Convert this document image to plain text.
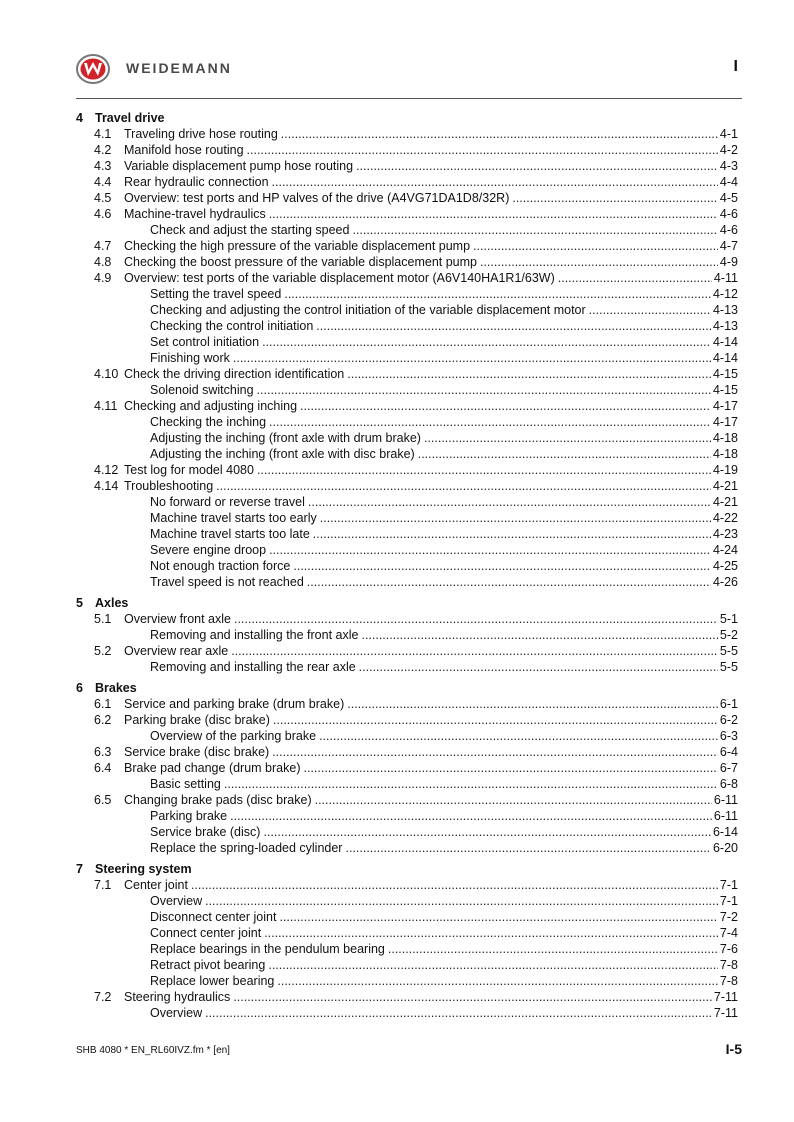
WEIDEMANN	I
4 Travel drive
4.1	Traveling drive hose routing .....	4-1
4.2	Manifold hose routing .....	4-2
4.3	Variable displacement pump hose routing .....	4-3
4.4	Rear hydraulic connection .....	4-4
4.5	Overview: test ports and HP valves of the drive (A4VG71DA1D8/32R) .....	4-5
4.6	Machine-travel hydraulics .....	4-6
Check and adjust the starting speed .....	4-6
4.7	Checking the high pressure of the variable displacement pump .....	4-7
4.8	Checking the boost pressure of the variable displacement pump .....	4-9
4.9	Overview: test ports of the variable displacement motor (A6V140HA1R1/63W) .....	4-11
Setting the travel speed .....	4-12
Checking and adjusting the control initiation of the variable displacement motor .....	4-13
Checking the control initiation .....	4-13
Set control initiation .....	4-14
Finishing work .....	4-14
4.10 Check the driving direction identification .....	4-15
Solenoid switching .....	4-15
4.11 Checking and adjusting inching .....	4-17
Checking the inching .....	4-17
Adjusting the inching (front axle with drum brake) .....	4-18
Adjusting the inching (front axle with disc brake) .....	4-18
4.12 Test log for model 4080 .....	4-19
4.14 Troubleshooting .....	4-21
No forward or reverse travel .....	4-21
Machine travel starts too early .....	4-22
Machine travel starts too late .....	4-23
Severe engine droop .....	4-24
Not enough traction force .....	4-25
Travel speed is not reached .....	4-26
5 Axles
5.1	Overview front axle .....	5-1
Removing and installing the front axle .....	5-2
5.2	Overview rear axle .....	5-5
Removing and installing the rear axle .....	5-5
6 Brakes
6.1	Service and parking brake (drum brake) .....	6-1
6.2	Parking brake (disc brake) .....	6-2
Overview of the parking brake .....	6-3
6.3	Service brake (disc brake) .....	6-4
6.4	Brake pad change (drum brake) .....	6-7
Basic setting .....	6-8
6.5	Changing brake pads (disc brake) .....	6-11
Parking brake .....	6-11
Service brake (disc) .....	6-14
Replace the spring-loaded cylinder .....	6-20
7 Steering system
7.1	Center joint .....	7-1
Overview .....	7-1
Disconnect center joint .....	7-2
Connect center joint .....	7-4
Replace bearings in the pendulum bearing .....	7-6
Retract pivot bearing .....	7-8
Replace lower bearing .....	7-8
7.2	Steering hydraulics .....	7-11
Overview .....	7-11
SHB 4080 * EN_RL60IVZ.fm * [en]	I-5
